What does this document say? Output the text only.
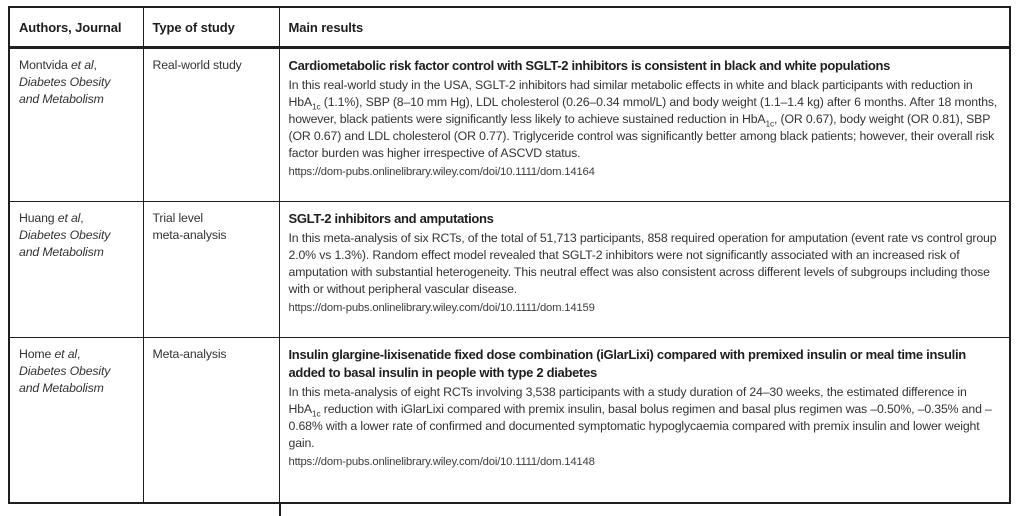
Authors, Journal	Type of study	Main results
Montvida et al,
Diabetes Obesity
and Metabolism	Real-world study	Cardiometabolic risk factor control with SGLT-2 inhibitors is consistent in black and white populations
In this real-world study in the USA, SGLT-2 inhibitors had similar metabolic effects in white and black participants with reduction in HbA$_{1c}$ (1.1%), SBP (8–10 mm Hg), LDL cholesterol (0.26–0.34 mmol/L) and body weight (1.1–1.4 kg) after 6 months. After 18 months, however, black patients were significantly less likely to achieve sustained reduction in HbA$_{1c}$, (OR 0.67), body weight (OR 0.81), SBP (OR 0.67) and LDL cholesterol (OR 0.77). Triglyceride control was significantly better among black patients; however, their overall risk factor burden was higher irrespective of ASCVD status.
https://dom-pubs.onlinelibrary.wiley.com/doi/10.1111/dom.14164

Huang et al,
Diabetes Obesity
and Metabolism	Trial level
meta-analysis	
SGLT-2 inhibitors and amputations
In this meta-analysis of six RCTs, of the total of 51,713 participants, 858 required operation for amputation (event rate vs control group 2.0% vs 1.3%). Random effect model revealed that SGLT-2 inhibitors were not significantly associated with an increased risk of amputation with substantial heterogeneity. This neutral effect was also consistent across different levels of subgroups including those with or without peripheral vascular disease.
https://dom-pubs.onlinelibrary.wiley.com/doi/10.1111/dom.14159

Home et al,
Diabetes Obesity
and Metabolism	Meta-analysis	Insulin glargine-lixisenatide fixed dose combination (iGlarLixi) compared with premixed insulin or meal time insulin added to basal insulin in people with type 2 diabetes
In this meta-analysis of eight RCTs involving 3,538 participants with a study duration of 24–30 weeks, the estimated difference in HbA$_{1c}$ reduction with iGlarLixi compared with premix insulin, basal bolus regimen and basal plus regimen was –0.50%, –0.35% and –0.68% with a lower rate of confirmed and documented symptomatic hypoglycaemia compared with premix insulin and lower weight gain.
https://dom-pubs.onlinelibrary.wiley.com/doi/10.1111/dom.14148
